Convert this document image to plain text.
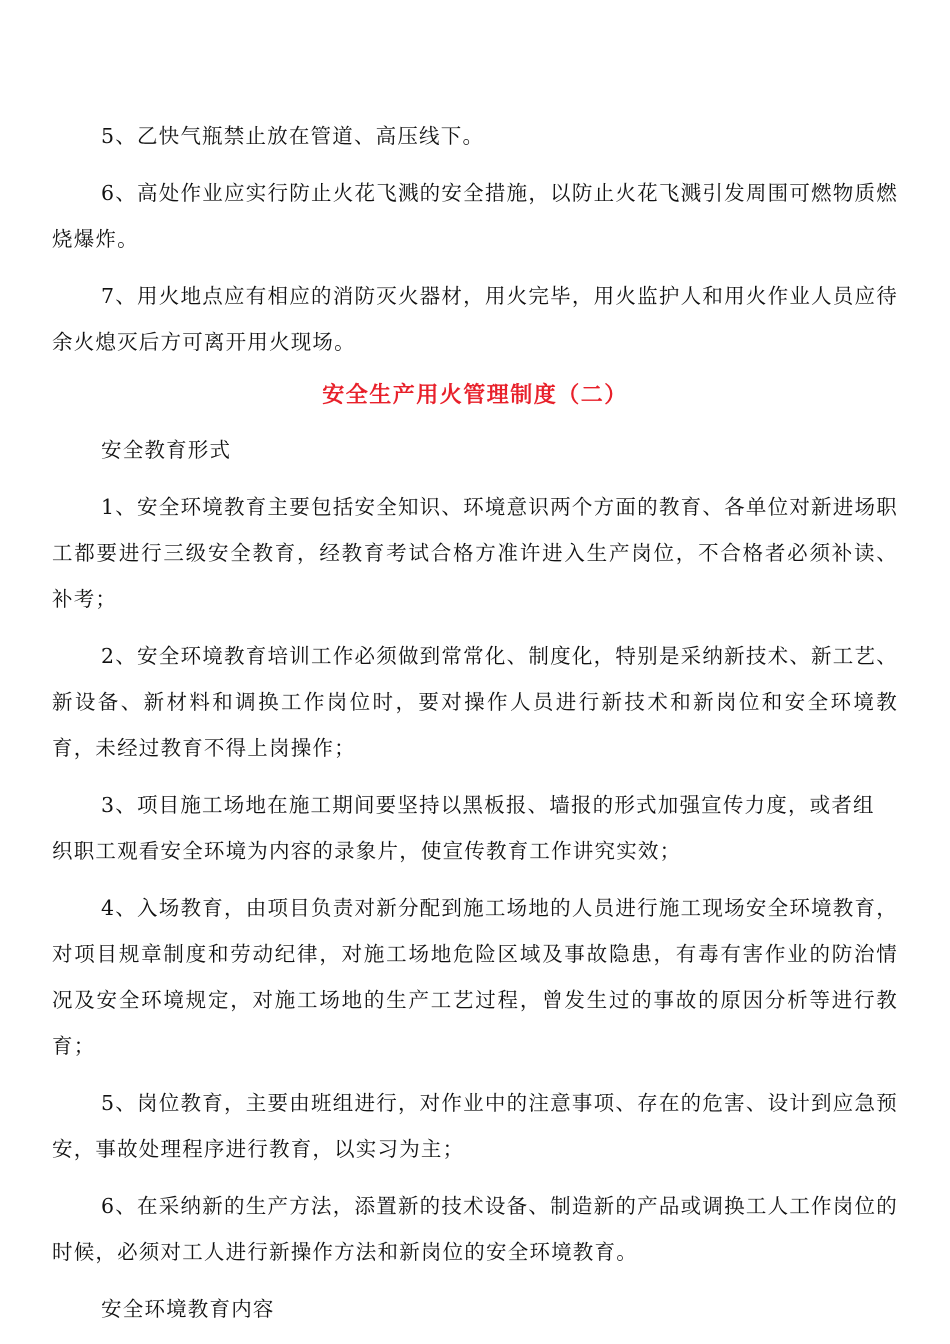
5、乙快气瓶禁止放在管道、高压线下。

6、高处作业应实行防止火花飞溅的安全措施，以防止火花飞溅引发周围可燃物质燃烧爆炸。

7、用火地点应有相应的消防灭火器材，用火完毕，用火监护人和用火作业人员应待余火熄灭后方可离开用火现场。

安全生产用火管理制度（二）

安全教育形式

1、安全环境教育主要包括安全知识、环境意识两个方面的教育、各单位对新进场职工都要进行三级安全教育，经教育考试合格方准许进入生产岗位，不合格者必须补读、补考；

2、安全环境教育培训工作必须做到常常化、制度化，特别是采纳新技术、新工艺、新设备、新材料和调换工作岗位时，要对操作人员进行新技术和新岗位和安全环境教育，未经过教育不得上岗操作；

3、项目施工场地在施工期间要坚持以黑板报、墙报的形式加强宣传力度，或者组

织职工观看安全环境为内容的录象片，使宣传教育工作讲究实效；

4、入场教育，由项目负责对新分配到施工场地的人员进行施工现场安全环境教育，对项目规章制度和劳动纪律，对施工场地危险区域及事故隐患，有毒有害作业的防治情况及安全环境规定，对施工场地的生产工艺过程，曾发生过的事故的原因分析等进行教育；

5、岗位教育，主要由班组进行，对作业中的注意事项、存在的危害、设计到应急预安，事故处理程序进行教育，以实习为主；

6、在采纳新的生产方法，添置新的技术设备、制造新的产品或调换工人工作岗位的时候，必须对工人进行新操作方法和新岗位的安全环境教育。

安全环境教育内容
